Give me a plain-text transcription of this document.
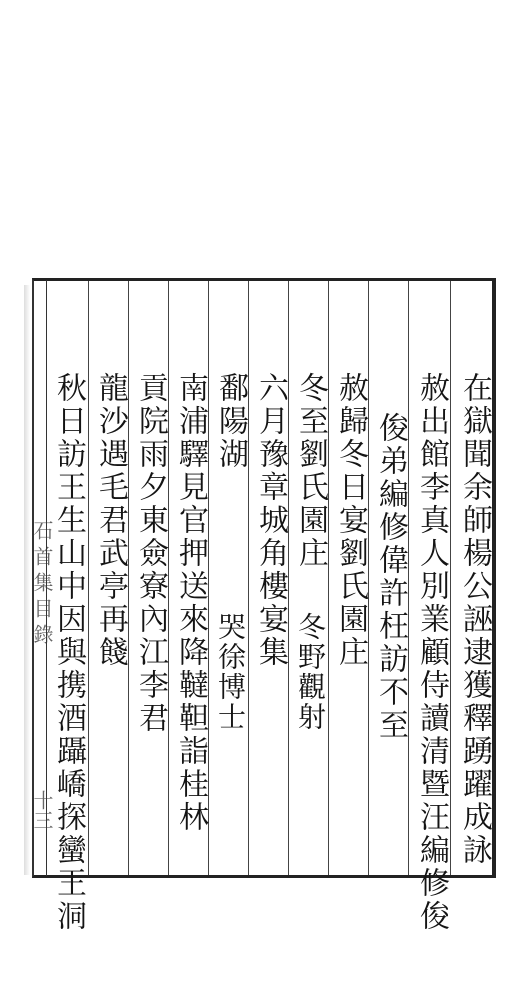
石首集目錄
十三	在獄聞余師楊公誣逮獲釋踴躍成詠
赦出館李真人別業顧侍讀清暨汪編修俊
俊弟編修偉許枉訪不至
赦歸冬日宴劉氏園庄
冬至劉氏園庄
冬野觀射
六月豫章城角樓宴集
鄱陽湖
哭徐博士
南浦驛見官押送來降韃靼詣桂林
貢院雨夕東僉寮內江李君
龍沙遇毛君武亭再餞
秋日訪王生山中因與携酒躡嶠探蠻王洞
